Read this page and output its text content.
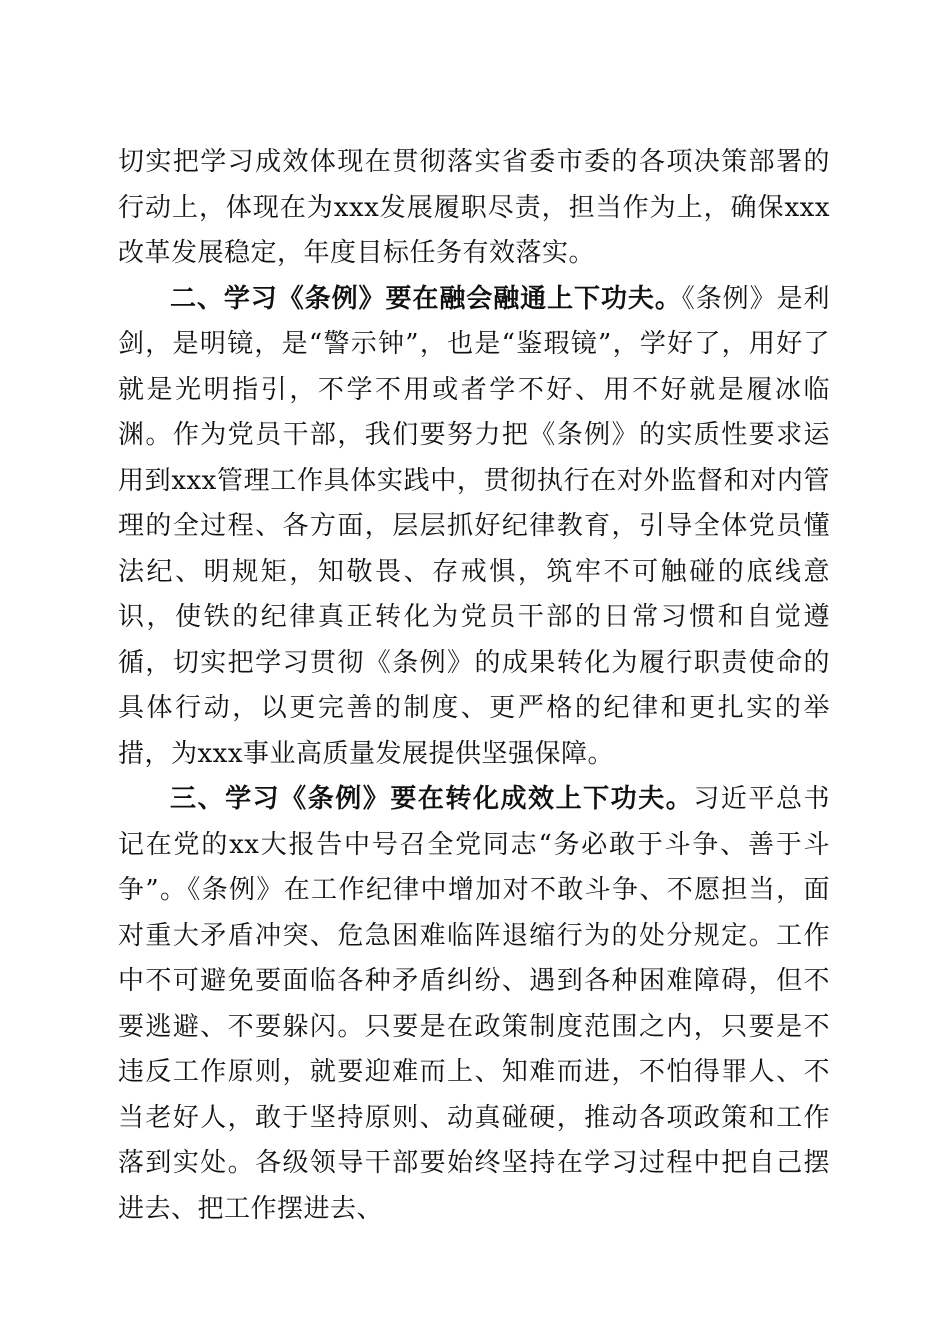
切实把学习成效体现在贯彻落实省委市委的各项决策部署的行动上，体现在为xxx发展履职尽责，担当作为上，确保xxx改革发展稳定，年度目标任务有效落实。

二、学习《条例》要在融会融通上下功夫。《条例》是利剑，是明镜，是“警示钟”，也是“鉴瑕镜”，学好了，用好了就是光明指引，不学不用或者学不好、用不好就是履冰临渊。作为党员干部，我们要努力把《条例》的实质性要求运用到xxx管理工作具体实践中，贯彻执行在对外监督和对内管理的全过程、各方面，层层抓好纪律教育，引导全体党员懂法纪、明规矩，知敬畏、存戒惧，筑牢不可触碰的底线意识，使铁的纪律真正转化为党员干部的日常习惯和自觉遵循，切实把学习贯彻《条例》的成果转化为履行职责使命的具体行动，以更完善的制度、更严格的纪律和更扎实的举措，为xxx事业高质量发展提供坚强保障。

三、学习《条例》要在转化成效上下功夫。习近平总书记在党的xx大报告中号召全党同志“务必敢于斗争、善于斗争”。《条例》在工作纪律中增加对不敢斗争、不愿担当，面对重大矛盾冲突、危急困难临阵退缩行为的处分规定。工作中不可避免要面临各种矛盾纠纷、遇到各种困难障碍，但不要逃避、不要躲闪。只要是在政策制度范围之内，只要是不违反工作原则，就要迎难而上、知难而进，不怕得罪人、不当老好人，敢于坚持原则、动真碰硬，推动各项政策和工作落到实处。各级领导干部要始终坚持在学习过程中把自己摆进去、把工作摆进去、
